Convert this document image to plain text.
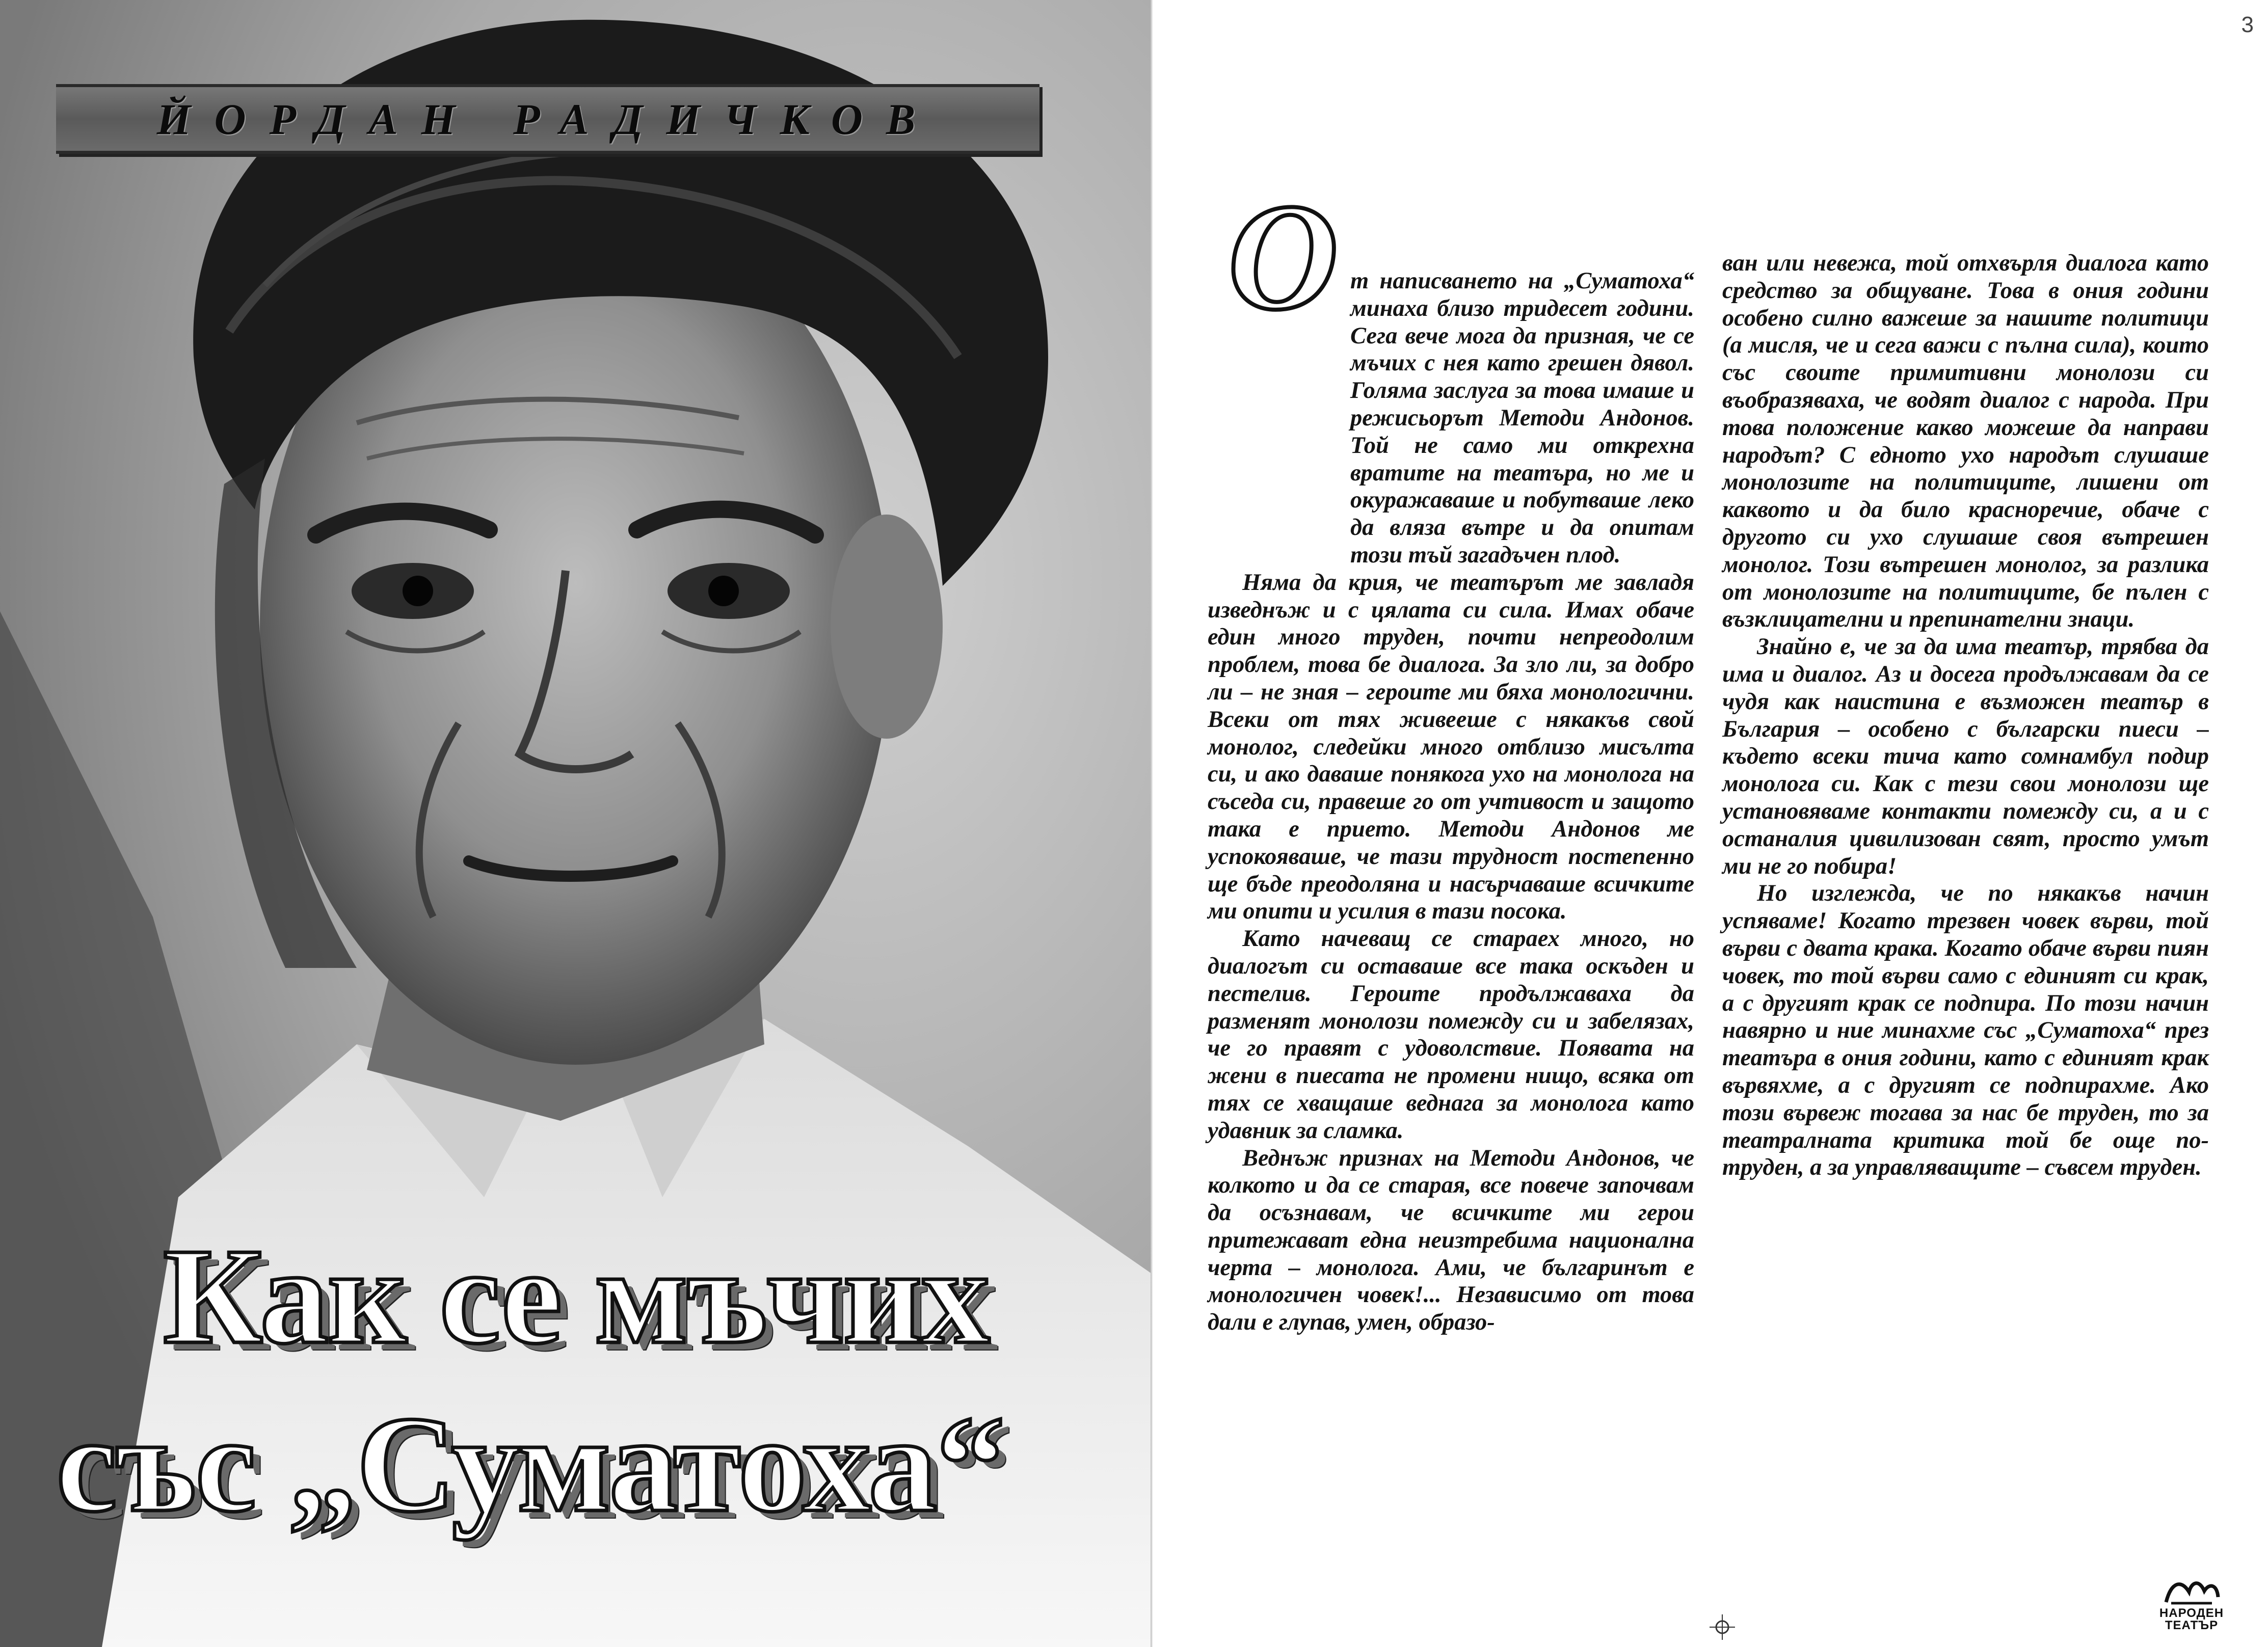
ЙОРДАН РАДИЧКОВ
Как се мъчих
със „Суматоха“
3
О т написването на „Суматоха“ минаха близо тридесет години. Сега вече мога да призная, че се мъчих с нея като грешен дявол. Голяма заслуга за това имаше и режисьорът Методи Андонов. Той не само ми открехна вратите на театъра, но ме и окуражаваше и побутваше леко да вляза вътре и да опитам този тъй загадъчен плод.

Няма да крия, че театърът ме завладя изведнъж и с цялата си сила. Имах обаче един много труден, почти непреодолим проблем, това бе диалога. За зло ли, за добро ли – не зная – героите ми бяха монологични. Всеки от тях живееше с някакъв свой монолог, следейки много отблизо мисълта си, и ако даваше понякога ухо на монолога на съседа си, правеше го от учтивост и защото така е прието. Методи Андонов ме успокояваше, че тази трудност постепенно ще бъде преодоляна и насърчаваше всичките ми опити и усилия в тази посока.

Като начеващ се стараех много, но диалогът си оставаше все така оскъден и пестелив. Героите продължаваха да разменят монолози помежду си и забелязах, че го правят с удоволствие. Появата на жени в пиесата не промени нищо, всяка от тях се хващаше веднага за монолога като удавник за сламка.

Веднъж признах на Методи Андонов, че колкото и да се старая, все повече започвам да осъзнавам, че всичките ми герои притежават една неизтребима национална черта – монолога. Ами, че българинът е монологичен човек!... Независимо от това дали е глупав, умен, образо-

ван или невежа, той отхвърля диалога като средство за общуване. Това в ония години особено силно важеше за нашите политици (а мисля, че и сега важи с пълна сила), които със своите примитивни монолози си въобразяваха, че водят диалог с народа. При това положение какво можеше да направи народът? С едното ухо народът слушаше монолозите на политиците, лишени от каквото и да било красноречие, обаче с другото си ухо слушаше своя вътрешен монолог. Този вътрешен монолог, за разлика от монолозите на политиците, бе пълен с възклицателни и препинателни знаци.

Знайно е, че за да има театър, трябва да има и диалог. Аз и досега продължавам да се чудя как наистина е възможен театър в България – особено с български пиеси – където всеки тича като сомнамбул подир монолога си. Как с тези свои монолози ще установяваме контакти помежду си, а и с останалия цивилизован свят, просто умът ми не го побира!

Но изглежда, че по някакъв начин успяваме! Когато трезвен човек върви, той върви с двата крака. Когато обаче върви пиян човек, то той върви само с единият си крак, а с другият крак се подпира. По този начин навярно и ние минахме със „Суматоха“ през театъра в ония години, като с единият крак вървяхме, а с другият се подпирахме. Ако този вървеж тогава за нас бе труден, то за театралната критика той бе още по-труден, а за управляващите – съвсем труден.

НАРОДЕН
ТЕАТЪР
